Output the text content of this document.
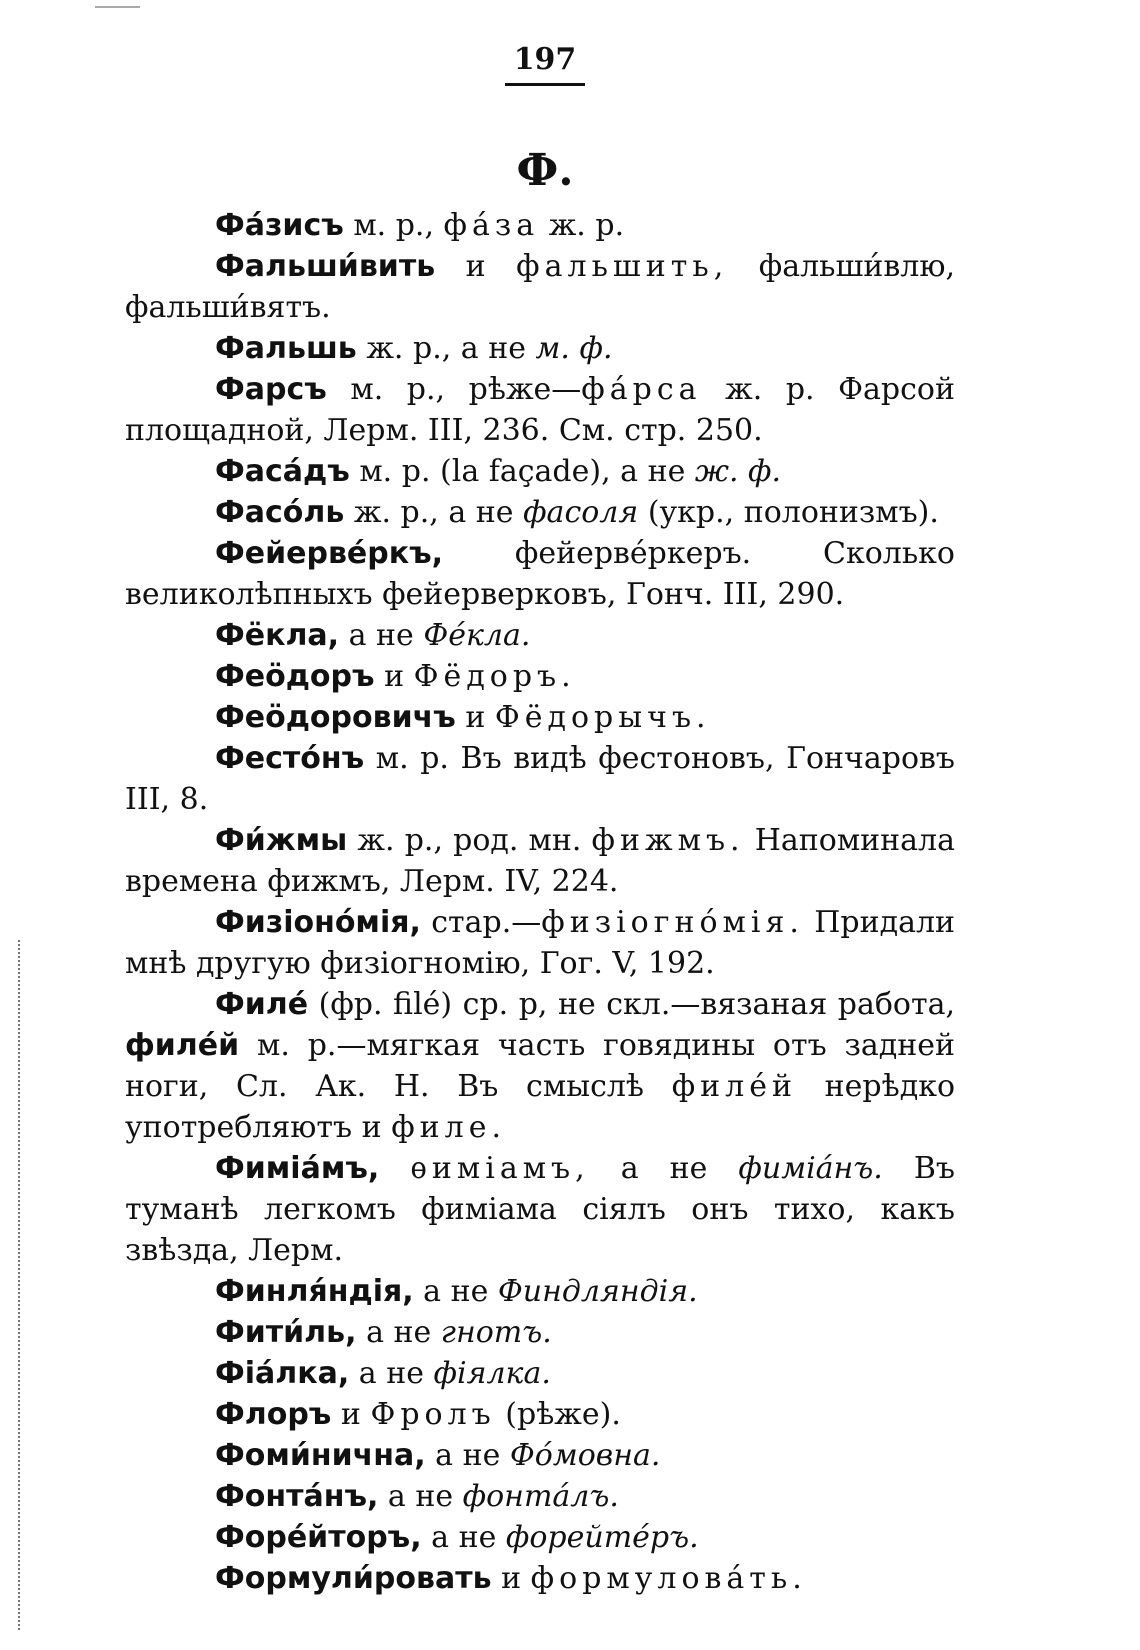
197
Ф.

Фа́зисъ м. р., фа́за ж. р.

Фальши́вить и фальшить, фальши́влю, фальши́вятъ.

Фальшь ж. р., а не м. ф.

Фарсъ м. р., рѣже—фа́рса ж. р. Фарсой площадной, Лерм. III, 236. См. стр. 250.

Фаса́дъ м. р. (la façade), а не ж. ф.

Фасо́ль ж. р., а не фасоля (укр., полонизмъ).

Фейерве́ркъ, фейерве́ркеръ. Сколько великолѣпныхъ фейерверковъ, Гонч. III, 290.

Фёкла, а не Фе́кла.

Феӧдоръ и Фёдоръ.

Феӧдоровичъ и Фёдорычъ.

Фесто́нъ м. р. Въ видѣ фестоновъ, Гончаровъ III, 8.

Фи́жмы ж. р., род. мн. фижмъ. Напоминала времена фижмъ, Лерм. IV, 224.

Физіонóмія, стар.—физіогнóмія. Придали мнѣ другую физіогномію, Гог. V, 192.

Филе́ (фр. filé) ср. р, не скл.—вязаная работа, филе́й м. р.—мягкая часть говядины отъ задней ноги, Сл. Ак. Н. Въ смыслѣ филе́й нерѣдко употребляютъ и филе.

Фиміа́мъ, ѳиміамъ, а не фиміа́нъ. Въ туманѣ легкомъ фиміама сіялъ онъ тихо, какъ звѣзда, Лерм.

Финля́ндія, а не Финдляндія.

Фити́ль, а не гнотъ.

Фіа́лка, а не фіялка.

Флоръ и Фролъ (рѣже).

Фоми́нична, а не Фо́мовна.

Фонта́нъ, а не фонта́лъ.

Форе́йторъ, а не форейте́ръ.

Формули́ровать и формулова́ть.
